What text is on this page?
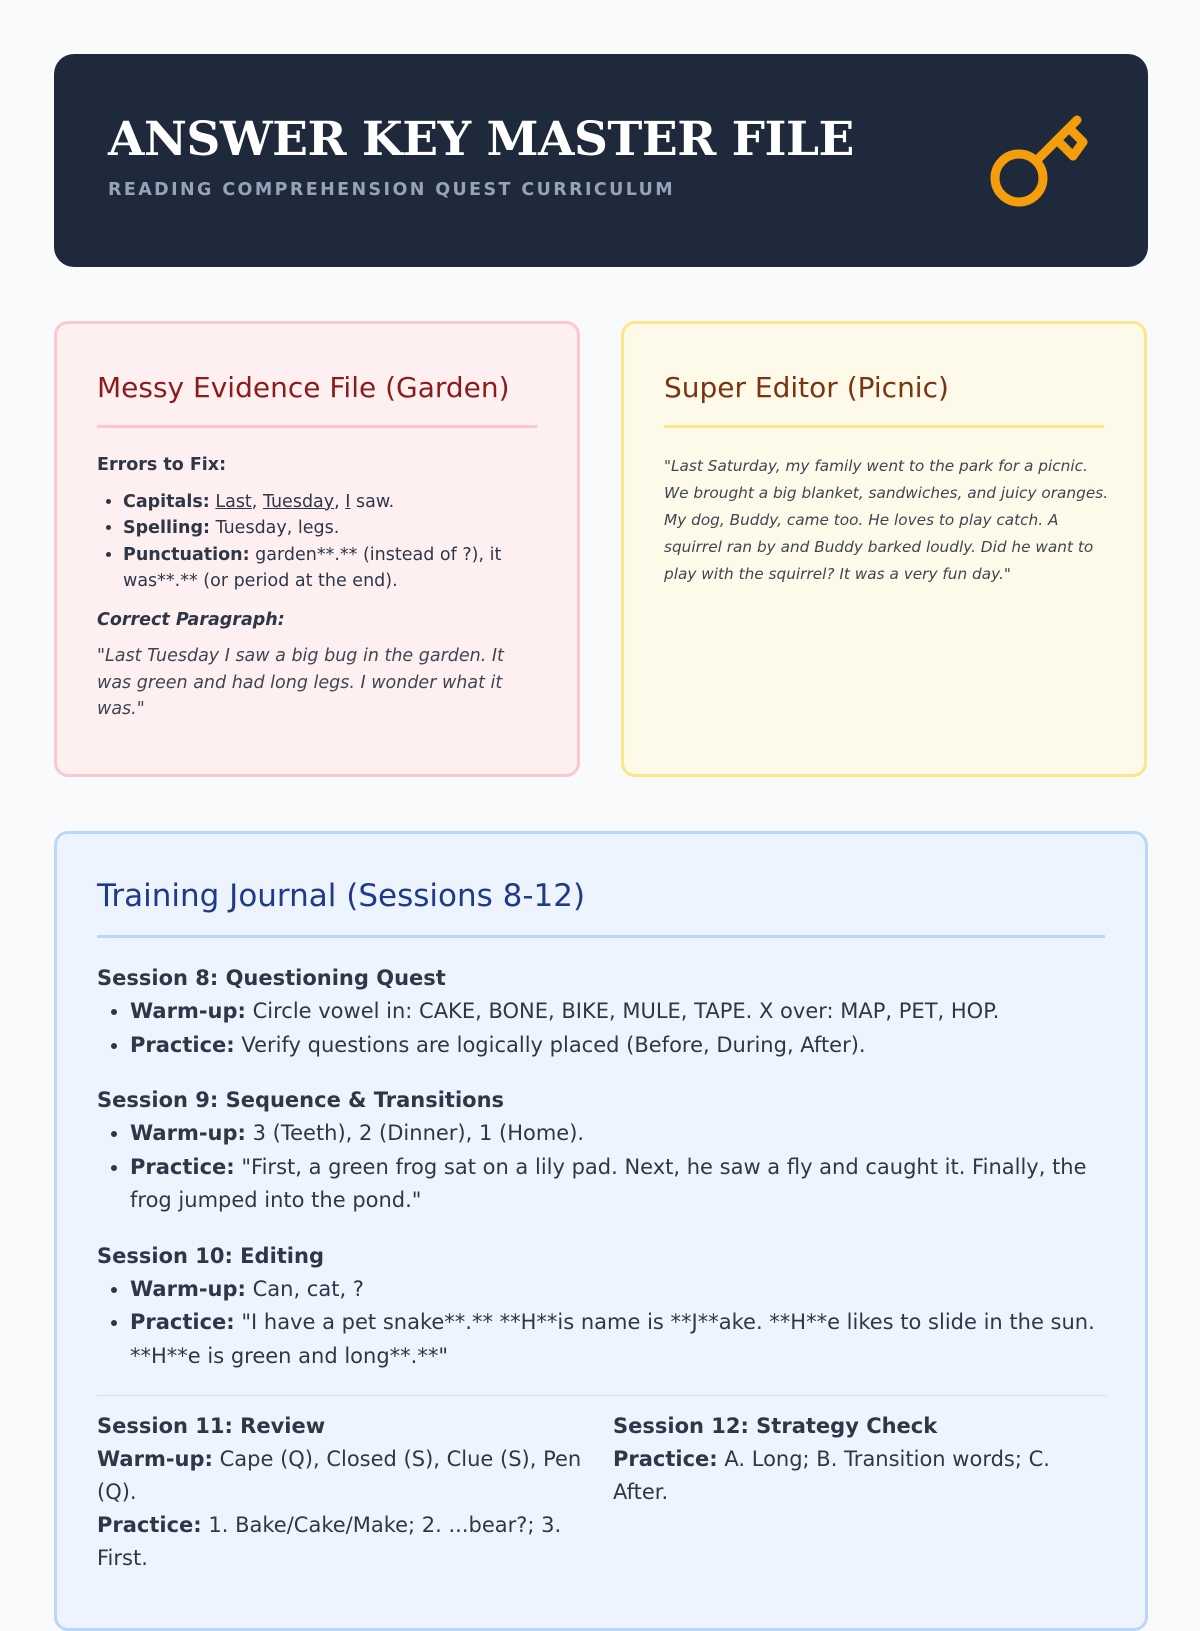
ANSWER KEY MASTER FILE
READING COMPREHENSION QUEST CURRICULUM
Messy Evidence File (Garden)

Errors to Fix:

• Capitals: Last, Tuesday, I saw.
• Spelling: Tuesday, legs.
• Punctuation: garden**.** (instead of ?), it was**.** (or period at the end).

Correct Paragraph:

"Last Tuesday I saw a big bug in the garden. It was green and had long legs. I wonder what it was."

Super Editor (Picnic)

"Last Saturday, my family went to the park for a picnic. We brought a big blanket, sandwiches, and juicy oranges. My dog, Buddy, came too. He loves to play catch. A squirrel ran by and Buddy barked loudly. Did he want to play with the squirrel? It was a very fun day."

Training Journal (Sessions 8-12)
Session 8: Questioning Quest
• Warm-up: Circle vowel in: CAKE, BONE, BIKE, MULE, TAPE. X over: MAP, PET, HOP.
• Practice: Verify questions are logically placed (Before, During, After).
Session 9: Sequence & Transitions
• Warm-up: 3 (Teeth), 2 (Dinner), 1 (Home).
• Practice: "First, a green frog sat on a lily pad. Next, he saw a fly and caught it. Finally, the frog jumped into the pond."
Session 10: Editing
• Warm-up: Can, cat, ?
• Practice: "I have a pet snake**.** **H**is name is **J**ake. **H**e likes to slide in the sun. **H**e is green and long**.**"
Session 11: Review
Warm-up: Cape (Q), Closed (S), Clue (S), Pen (Q).
Practice: 1. Bake/Cake/Make; 2. ...bear?; 3. First.
Session 12: Strategy Check
Practice: A. Long; B. Transition words; C. After.
